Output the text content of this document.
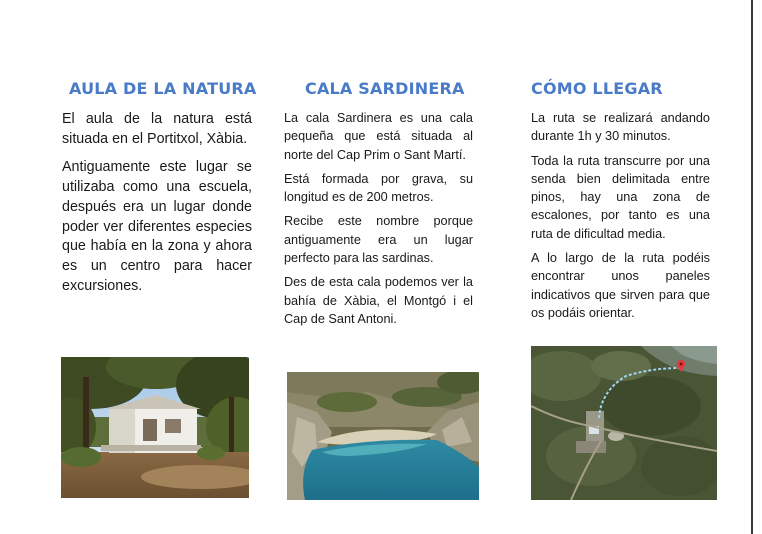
AULA DE LA NATURA

El aula de la natura está situada en el Portitxol, Xàbia.

Antiguamente este lugar se utilizaba como una escuela, después era un lugar donde poder ver diferentes especies que había en la zona y ahora es un centro para hacer excursiones.

CALA SARDINERA

La cala Sardinera es una cala pequeña que está situada al norte del Cap Prim o Sant Martí.

Está formada por grava, su longitud es de 200 metros.

Recibe este nombre porque antiguamente era un lugar perfecto para las sardinas.

Des de esta cala podemos ver la bahía de Xàbia, el Montgó i el Cap de Sant Antoni.

CÓMO LLEGAR

La ruta se realizará andando durante 1h y 30 minutos.

Toda la ruta transcurre por una senda bien delimitada entre pinos, hay una zona de escalones, por tanto es una ruta de dificultad media.

A lo largo de la ruta podéis encontrar unos paneles indicativos que sirven para que os podáis orientar.
